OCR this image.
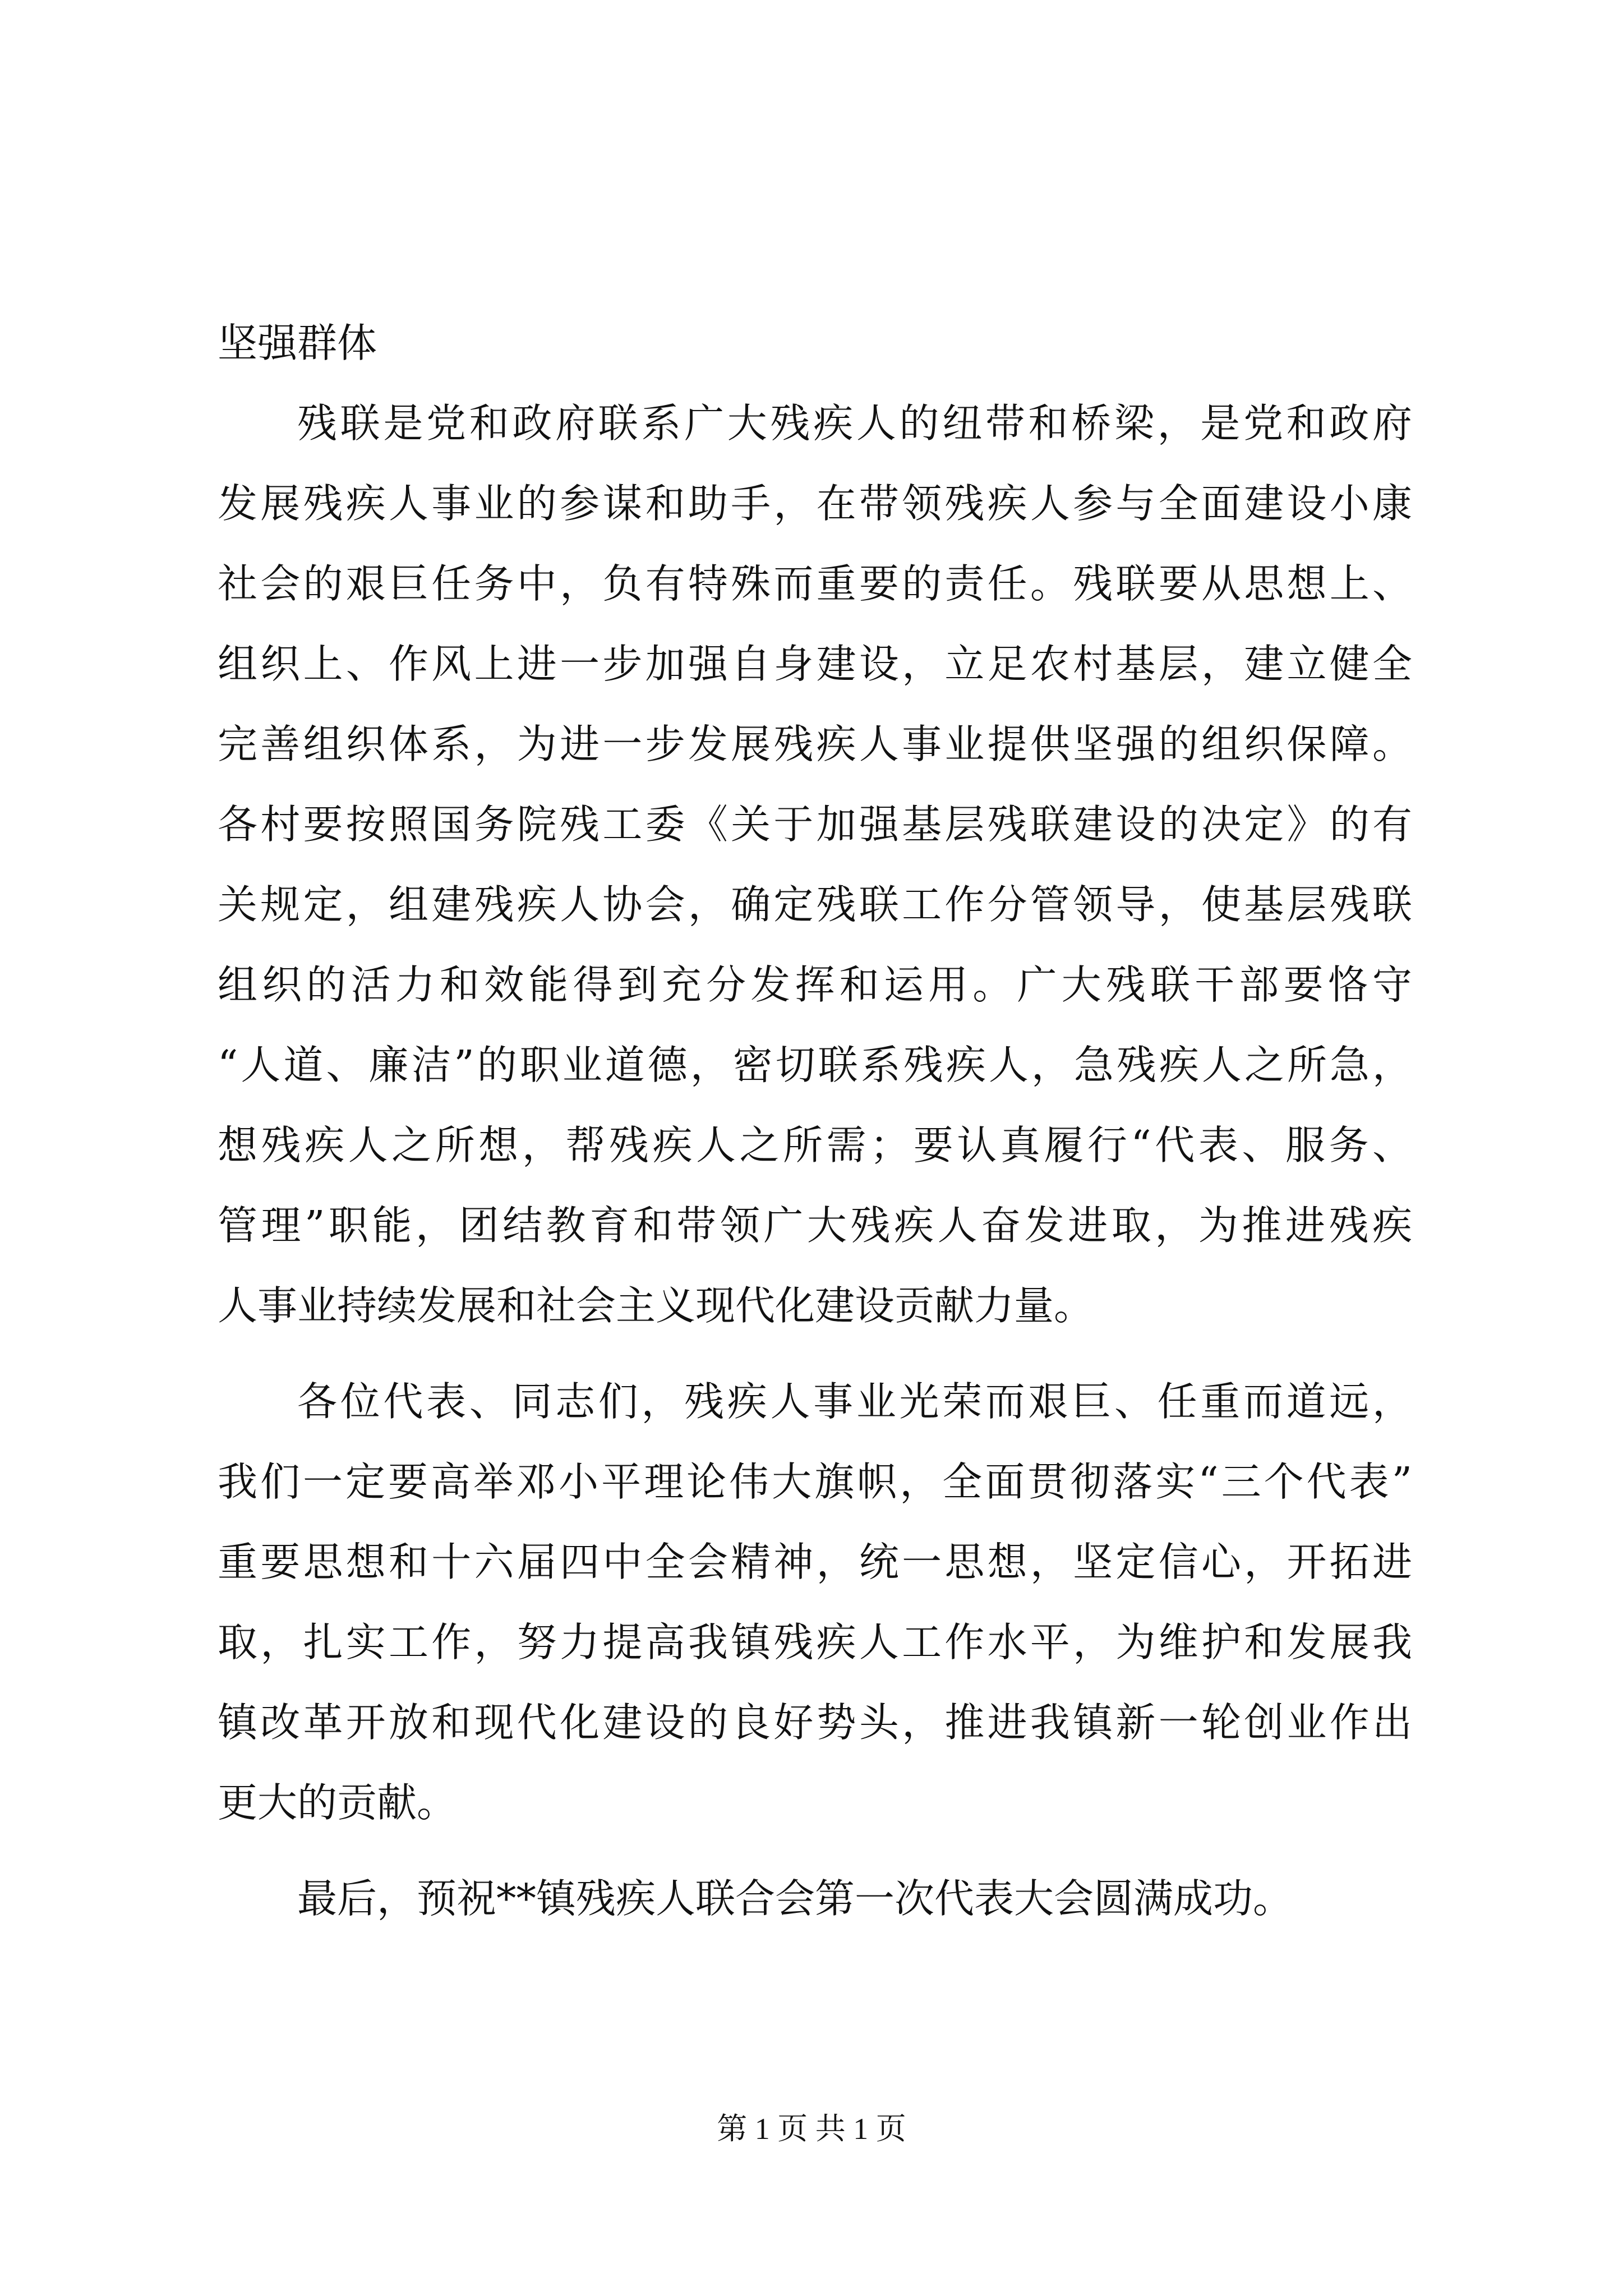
坚强群体
残联是党和政府联系广大残疾人的纽带和桥梁，是党和政府
发展残疾人事业的参谋和助手，在带领残疾人参与全面建设小康
社会的艰巨任务中，负有特殊而重要的责任。残联要从思想上、
组织上、作风上进一步加强自身建设，立足农村基层，建立健全
完善组织体系，为进一步发展残疾人事业提供坚强的组织保障。
各村要按照国务院残工委《关于加强基层残联建设的决定》的有
关规定，组建残疾人协会，确定残联工作分管领导，使基层残联
组织的活力和效能得到充分发挥和运用。广大残联干部要恪守
“人道、廉洁”的职业道德，密切联系残疾人，急残疾人之所急，
想残疾人之所想，帮残疾人之所需；要认真履行“代表、服务、
管理”职能，团结教育和带领广大残疾人奋发进取，为推进残疾
人事业持续发展和社会主义现代化建设贡献力量。
各位代表、同志们，残疾人事业光荣而艰巨、任重而道远，
我们一定要高举邓小平理论伟大旗帜，全面贯彻落实“三个代表”
重要思想和十六届四中全会精神，统一思想，坚定信心，开拓进
取，扎实工作，努力提高我镇残疾人工作水平，为维护和发展我
镇改革开放和现代化建设的良好势头，推进我镇新一轮创业作出
更大的贡献。
最后，预祝**镇残疾人联合会第一次代表大会圆满成功。
第 1 页 共 1 页
